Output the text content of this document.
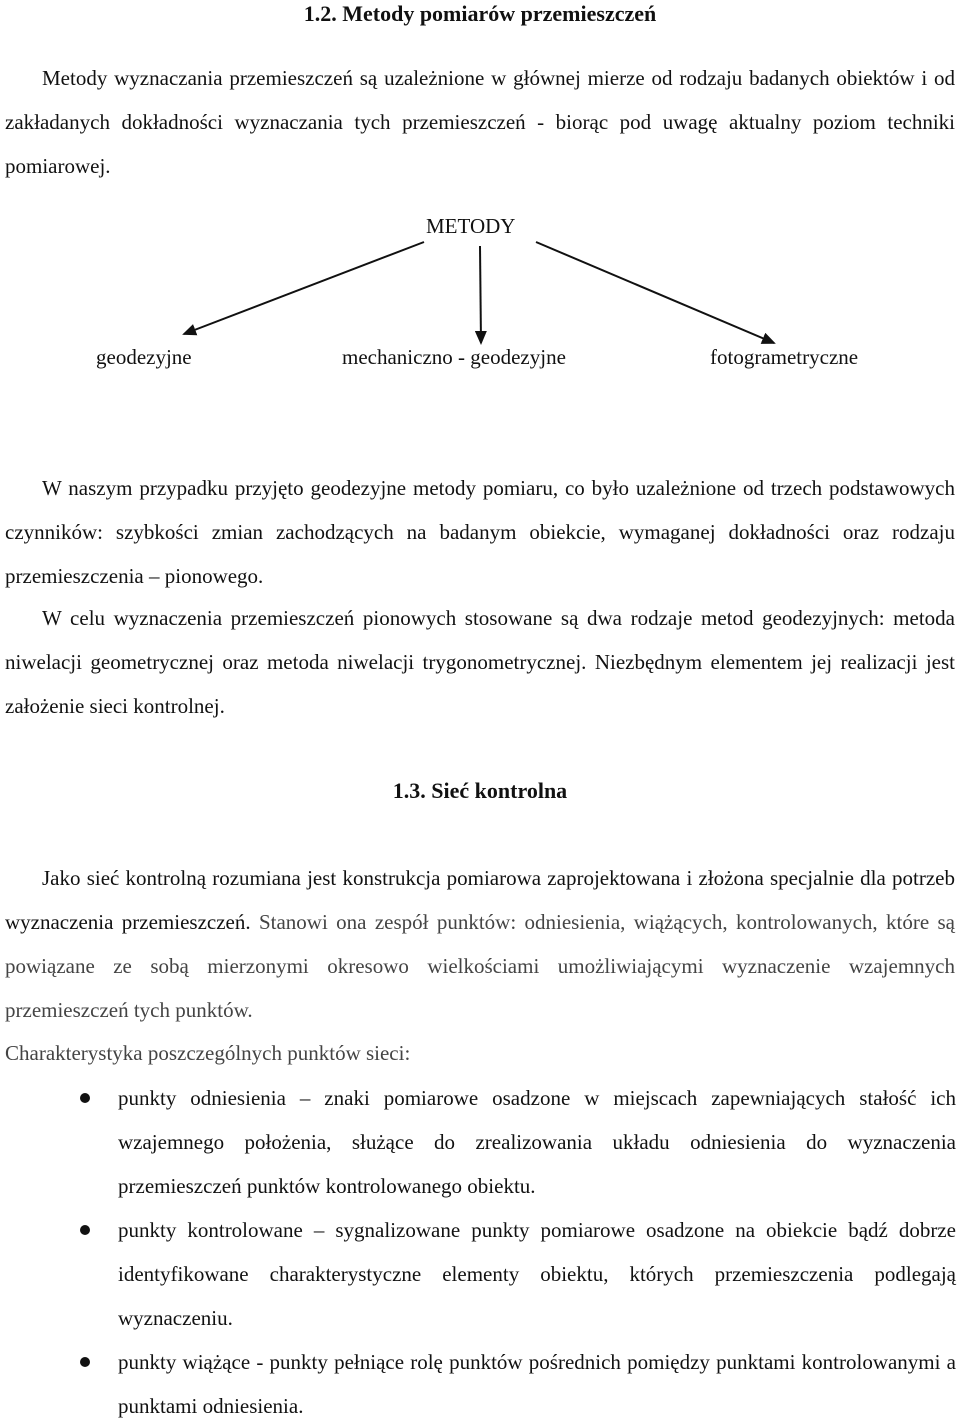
1.2. Metody pomiarów przemieszczeń

Metody wyznaczania przemieszczeń są uzależnione w głównej mierze od rodzaju badanych obiektów i od zakładanych dokładności wyznaczania tych przemieszczeń - biorąc pod uwagę aktualny poziom techniki pomiarowej.

METODY
geodezyjne	mechaniczno - geodezyjne	fotogrametryczne

W naszym przypadku przyjęto geodezyjne metody pomiaru, co było uzależnione od trzech podstawowych czynników: szybkości zmian zachodzących na badanym obiekcie, wymaganej dokładności oraz rodzaju przemieszczenia – pionowego.

W celu wyznaczenia przemieszczeń pionowych stosowane są dwa rodzaje metod geodezyjnych: metoda niwelacji geometrycznej oraz metoda niwelacji trygonometrycznej. Niezbędnym elementem jej realizacji jest założenie sieci kontrolnej.

1.3. Sieć kontrolna

Jako sieć kontrolną rozumiana jest konstrukcja pomiarowa zaprojektowana i złożona specjalnie dla potrzeb wyznaczenia przemieszczeń. Stanowi ona zespół punktów: odniesienia, wiążących, kontrolowanych, które są powiązane ze sobą mierzonymi okresowo wielkościami umożliwiającymi wyznaczenie wzajemnych przemieszczeń tych punktów.

Charakterystyka poszczególnych punktów sieci:

punkty odniesienia – znaki pomiarowe osadzone w miejscach zapewniających stałość ich wzajemnego położenia, służące do zrealizowania układu odniesienia do wyznaczenia przemieszczeń punktów kontrolowanego obiektu.

punkty kontrolowane – sygnalizowane punkty pomiarowe osadzone na obiekcie bądź dobrze identyfikowane charakterystyczne elementy obiektu, których przemieszczenia podlegają wyznaczeniu.

punkty wiążące - punkty pełniące rolę punktów pośrednich pomiędzy punktami kontrolowanymi a punktami odniesienia.
